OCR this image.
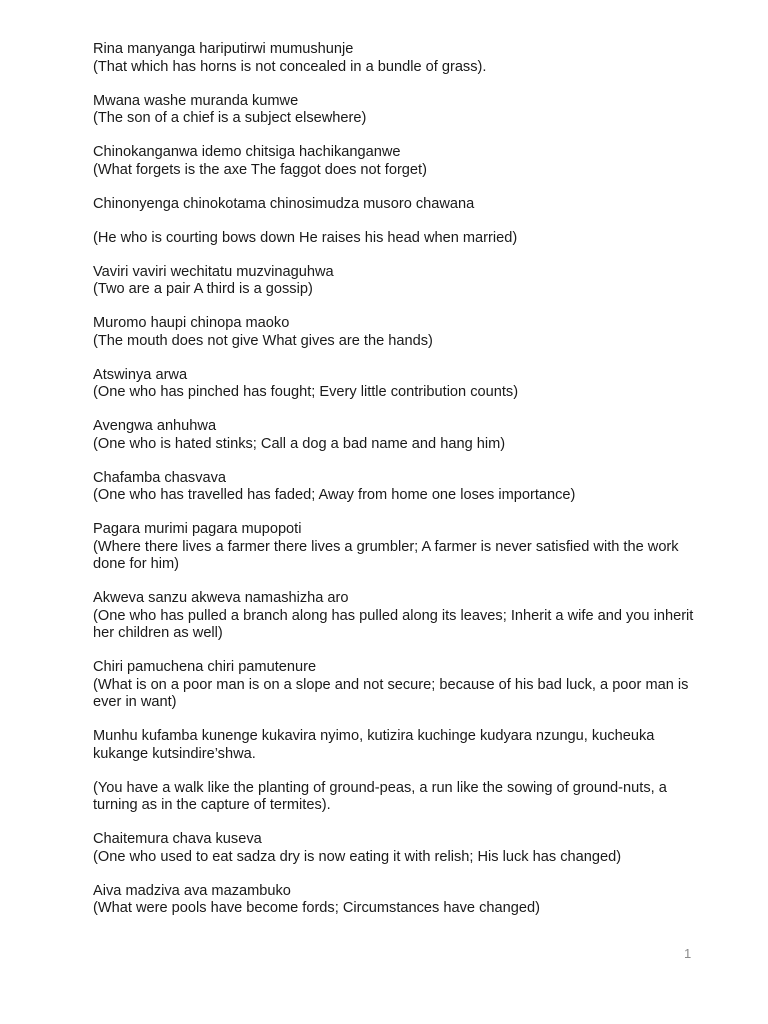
Rina manyanga hariputirwi mumushunje

(That which has horns is not concealed in a bundle of grass).

Mwana washe muranda kumwe

(The son of a chief is a subject elsewhere)

Chinokanganwa idemo chitsiga hachikanganwe

(What forgets is the axe The faggot does not forget)

Chinonyenga chinokotama chinosimudza musoro chawana

(He who is courting bows down He raises his head when married)

Vaviri vaviri wechitatu muzvinaguhwa

(Two are a pair A third is a gossip)

Muromo haupi chinopa maoko

(The mouth does not give What gives are the hands)

Atswinya arwa

(One who has pinched has fought; Every little contribution counts)

Avengwa anhuhwa

(One who is hated stinks; Call a dog a bad name and hang him)

Chafamba chasvava

(One who has travelled has faded; Away from home one loses importance)

Pagara murimi pagara mupopoti

(Where there lives a farmer there lives a grumbler; A farmer is never satisfied with the work done for him)

Akweva sanzu akweva namashizha aro

(One who has pulled a branch along has pulled along its leaves; Inherit a wife and you inherit her children as well)

Chiri pamuchena chiri pamutenure

(What is on a poor man is on a slope and not secure; because of his bad luck, a poor man is ever in want)

Munhu kufamba kunenge kukavira nyimo, kutizira kuchinge kudyara nzungu, kucheuka kukange kutsindire’shwa.

(You have a walk like the planting of ground-peas, a run like the sowing of ground-nuts, a turning as in the capture of termites).

Chaitemura chava kuseva

(One who used to eat sadza dry is now eating it with relish; His luck has changed)

Aiva madziva ava mazambuko

(What were pools have become fords; Circumstances have changed)

1
